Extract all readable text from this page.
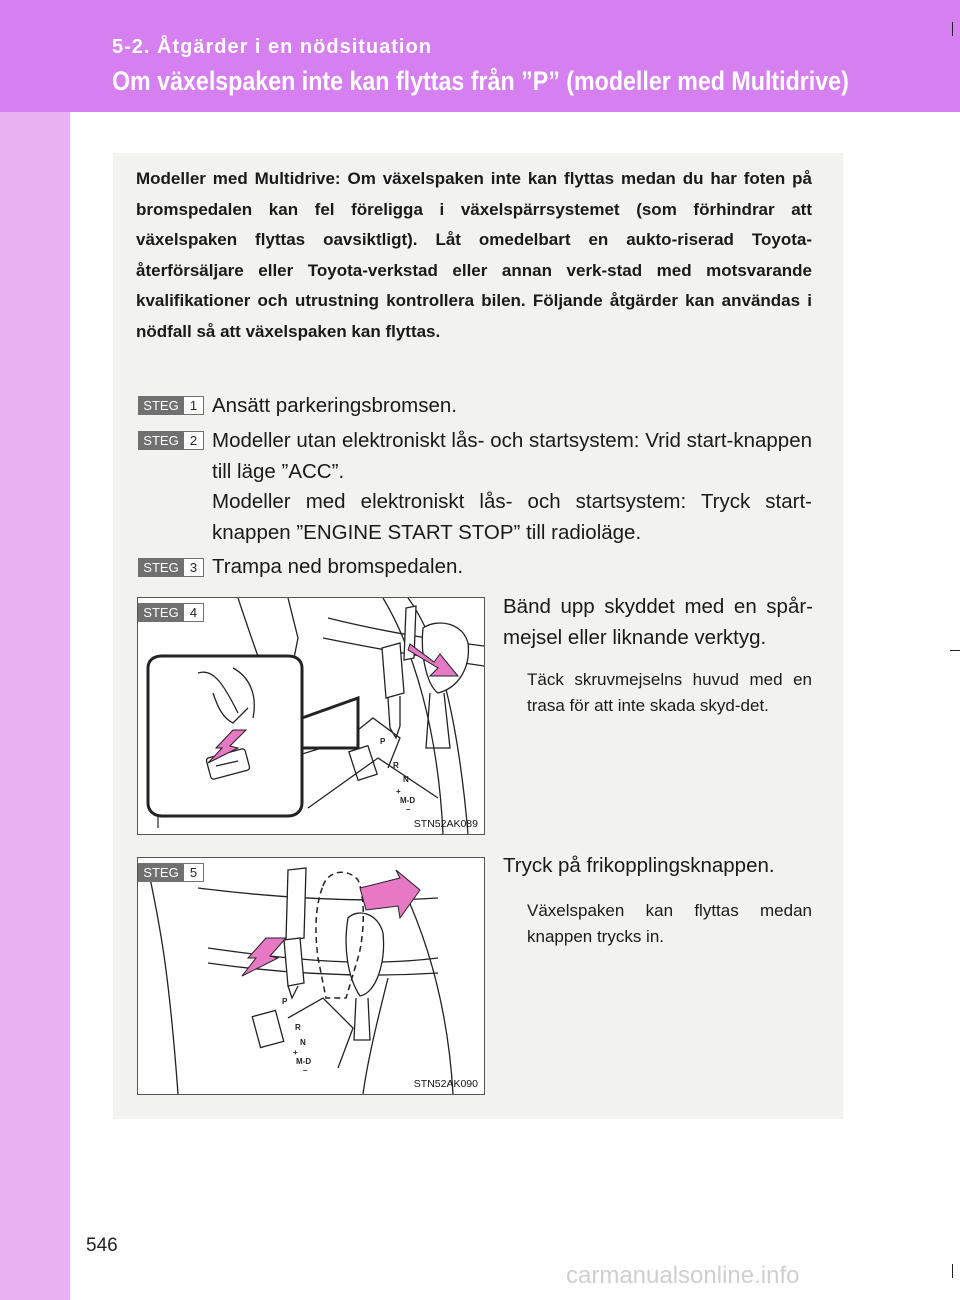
5-2. Åtgärder i en nödsituation
Om växelspaken inte kan flyttas från ”P” (modeller med Multidrive)
Modeller med Multidrive: Om växelspaken inte kan flyttas medan du har foten på bromspedalen kan fel föreligga i växelspärrsystemet (som förhindrar att växelspaken flyttas oavsiktligt). Låt omedelbart en aukto-riserad Toyota-återförsäljare eller Toyota-verkstad eller annan verk-stad med motsvarande kvalifikationer och utrustning kontrollera bilen. Följande åtgärder kan användas i nödfall så att växelspaken kan flyttas.
STEG 1 Ansätt parkeringsbromsen.
STEG 2 Modeller utan elektroniskt lås- och startsystem: Vrid start-knappen till läge ”ACC”.
Modeller med elektroniskt lås- och startsystem: Tryck start-knappen ”ENGINE START STOP” till radioläge.
STEG 3 Trampa ned bromspedalen.
P
R
N
+
M-D
–
STN52AK089
STEG 4	Bänd upp skyddet med en spår-mejsel eller liknande verktyg.
Täck skruvmejselns huvud med en trasa för att inte skada skyd-det.
P
R
N
+
M-D
–
STN52AK090
STEG 5	Tryck på frikopplingsknappen.
Växelspaken kan flyttas medan knappen trycks in.
546
carmanualsonline.info
